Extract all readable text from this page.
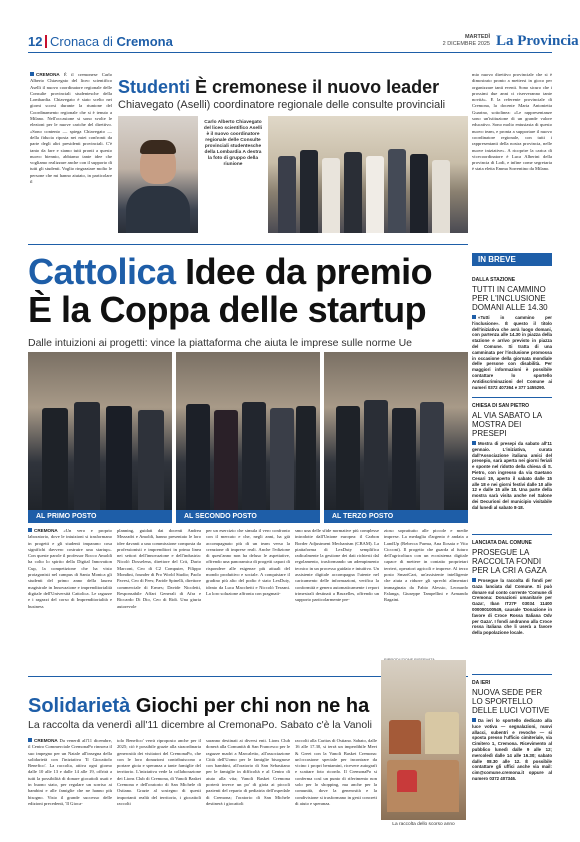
12 Cronaca di Cremona	MARTEDÌ
2 DICEMBRE 2025 La Provincia
CREMONA È il cremonese Carlo Alberto Chiavegato del liceo scientifico Aselli il nuovo coordinatore regionale delle Consulte provinciali studentesche della Lombardia. Chiavegato è stato scelto nei giorni scorsi durante la riunione del Coordinamento regionale che si è tenuto a Milano. Nell'occasione si sono svolte le elezioni per le nuove cariche del direttivo. «Sono contento — spiega Chiavegato — della fiducia riposta nei miei confronti da parte degli altri presidenti provinciali. C'è tanto da fare e siamo tutti pronti a questo nuovo biennio, abbiamo tante idee che vogliamo realizzare anche con il supporto di tutti gli studenti. Voglio ringraziare molto le persone che mi hanno aiutato, in particolare il
Studenti È cremonese il nuovo leader
Chiavegato (Aselli) coordinatore regionale delle consulte provinciali
Carlo Alberto Chiavegato del liceo scientifico Aselli è il nuovo coordinatore regionale delle Consulte provinciali studentesche della Lombardia A destra la foto di gruppo della riunione
mio nuovo direttivo provinciale che si è dimostrato pronto a mettersi in gioco per organizzare tanti eventi. Sono sicuro che i prossimi due anni ci riserveranno tante novità». E la referente provinciale di Cremona, la docente Maria Antonietta Guarino, sottolinea: «Le rappresentanze sono un'istituzione di un grande valore educativo. Sono molto entusiasta di questo nuovo team, e pronta a supportare il nuovo coordinatore regionale, con tutti i rappresentanti della nostra provincia, nelle nuove iniziative». A ricoprire la carica di vicecoordinatore è Luca Alberini della provincia di Lodi, e infine come segretaria è stata eletta Emma Sorrentino da Milano.
Cattolica Idee da premio
È la Coppa delle startup
Dalle intuizioni ai progetti: vince la piattaforma che aiuta le imprese sulle norme Ue
AL PRIMO POSTO	AL SECONDO POSTO	AL TERZO POSTO
CREMONA «Un vero e proprio laboratorio, dove le intuizioni si trasformano in progetti e gli studenti imparano cosa significhi davvero costruire una startup». Con queste parole il professor Rocco Amoldi ha colto lo spirito della Digital Innovation Cup, la competizione che ha visto protagonisti nel campus di Santa Monica gli studenti del primo anno della laurea magistrale in Innovazione e imprenditorialità digitale dell'Università Cattolica. Le ragazze e i ragazzi del corso di Imprenditorialità e business
planning, guidati dai docenti Andrea Mezzadri e Amoldi, hanno presentato le loro idee davanti a una commissione composta da professionisti e imprenditori in prima linea nei settori dell'innovazione e dell'industria: Nicolò Dosselena, direttore del Crit, Dario Marconi, Ceo di C2 Computer, Filippo Mondini, founder di Pro World Studio; Paolo Pavesi, Ceo di Fees; Paride Spinelli, direttore commerciale di Ermes; Davide Nicoletti, Responsabile Affari Generali di Afra e Riccardo Di Dio, Ceo di Ridi. Una giuria autorevole
per un esercizio che simula il vero confronto con il mercato e che, negli anni, ha già accompagnato più di un team verso la creazione di imprese reali. Anche l'edizione di quest'anno non ha deluso le aspettative, offrendo una panoramica di progetti capaci di rispondere alle esigenze più attuali del mondo produttivo e sociale. A conquistare il gradino più alto del podio è stato LexDuty, ideato da Luca Macchetti e Niccolò Terzani. La loro soluzione affronta con pragmati-
smo una delle sfide normative più complesse introdotte dall'Unione europea: il Carbon Border Adjustment Mechanism (CBAM). La piattaforma di LexDuty semplifica radicalmente la gestione dei dati richiesti dal regolamento, trasformando un adempimento tecnico in un processo guidato e intuitivo. Un assistente digitale accompagna l'utente nel caricamento delle informazioni, verifica la conformità e genera automaticamente i report trimestrali destinati a Bruxelles, offrendo un supporto particolarmente pre-
zioso soprattutto alle piccole e medie imprese. La medaglia d'argento è andata a LandUp (Rebecca Parma, Ana Ilosaia e Vito Cicconi). Il progetto che guarda al futuro dell'agricoltura con un ecosistema digitale capace di mettere in contatto proprietari terrieri, operatori agricoli e imprese. Al terzo posto SmartCart, un'assistente intelligente che aiuta a ridurre gli sprechi alimentari immaginata da Fabio Alessio, Leonardo Falanga, Giuseppe Tampellini e Armando Ragaini.
Solidarietà Giochi per chi non ne ha
La raccolta da venerdì all'11 dicembre al CremonaPo. Sabato c'è la Vanoli
CREMONA Da venerdì all'11 dicembre, il Centro Commerciale CremonaPo rinnova il suo impegno per un Natale all'insegna della solidarietà con l'iniziativa 'Il Giocattolo Benefico'. La raccolta, attiva ogni giorno dalle 10 alle 13 e dalle 14 alle 19, offrirà a tutti la possibilità di donare giocattoli usati e in buono stato, per regalare un sorriso ai bambini e alle famiglie che ne hanno più bisogno. Visto il grande successo delle edizioni precedenti, 'Il Gioca-
tolo Benefico' verrà riproposto anche per il 2025; ciò è possibile grazie alla straordinaria generosità dei visitatori del CremonaPo, che con le loro donazioni contribuiscono a portare gioia e speranza a tante famiglie del territorio. L'iniziativa vede la collaborazione dei Lions Club di Cremona, di Vanoli Basket Cremona e dell'oratorio di San Michele di Ostiano. Grazie al sostegno di questi importanti realtà del territorio, i giocattoli raccolti
saranno destinati ai diversi enti. Lions Club donerà alla Comunità di San Francesco per le ragazze madri a Marcaletto, all'associazione Città dell'Uomo per le famiglie bisognose con bambini, all'oratorio di San Sebastiano per le famiglie in difficoltà e al Centro di aiuto alla vita; Vanoli Basket Cremona porterà invece un po' di gioia ai piccoli pazienti del reparto di pediatria dell'ospedale di Cremona; l'oratorio di San Michele destinerà i giocattoli
raccolti alla Caritas di Ostiano. Sabato, dalle 16 alle 17.30, si terrà un imperdibile Meet & Greet con la Vanoli Basket Cremona: un'occasione speciale per incontrare da vicino i propri beniamini, ricevere autografi e scattare foto ricordo. Il CremonaPo si conferma così un punto di riferimento non solo per lo shopping, ma anche per la comunità, dove la generosità e la condivisione si trasformano in gesti concreti di aiuto e speranza.
La raccolta dello scorso anno
IN BREVE
DALLA STAZIONE
TUTTI IN CAMMINO PER L'INCLUSIONE DOMANI ALLE 14.30
«Tutti in cammino per l'inclusione». È questo il titolo dell'iniziativa che avrà luogo domani, con partenza alle 14.30 in piazza della stazione e arrivo previsto in piazza del Comune. Si tratta di una camminata per l'inclusione promossa in occasione della giornata mondiale delle persone con disabilità. Per maggiori informazioni è possibile contattare lo sportello Antidiscriminazioni del Comune ai numeri 0372 407364 e 377 1455290.
CHIESA DI SAN PIETRO
AL VIA SABATO LA MOSTRA DEI PRESEPI
Mostra di presepi da sabato all'11 gennaio. L'iniziativa, curata dall'Associazione italiana amici del presepio, sarà aperta nei giorni feriali e sponte nel ridotto della chiesa di S. Pietro, con ingresso da via Gaetano Cesari 19, aperto il sabato dalle 15 alle 18 e nei giorni festivi dalle 10 alle 12 e dalle 15 alle 18. Una parte della mostra sarà visita anche nel Salone dei Decurioni del municipio visitabile dal lunedì al sabato 8-18.
LANCIATA DAL COMUNE
PROSEGUE LA RACCOLTA FONDI PER LA CRI A GAZA
Prosegue la raccolta di fondi per Gaza lanciata dal Comune. Si può donare sul conto corrente 'Comune di Cremona: Donazioni umanitarie per Gaza', Iban IT27F 03034 11400 000000100549, causale 'Donazione in favore di Croce Rossa Italiana Odv per Gaza'. I fondi andranno alla Croce rossa italiana che li userà a favore della popolazione locale.
DA IERI
NUOVA SEDE PER LO SPORTELLO DELLE LUCI VOTIVE
Da ieri lo sportello dedicato alla luce votiva — segnalazioni, nuovi allacci, subentri e revoche — si sposta presso l'ufficio cimiteriale, via Cimitero 1, Cremona. Ricevimento al pubblico lunedì dalle 9 alle 12; mercoledì dalle 14 alle 16.30; sabato dalle 08.30 alle 12. È possibile contattare gli uffici anche via mail: cim@comune.cremona.it oppure al numero 0372 407346.
